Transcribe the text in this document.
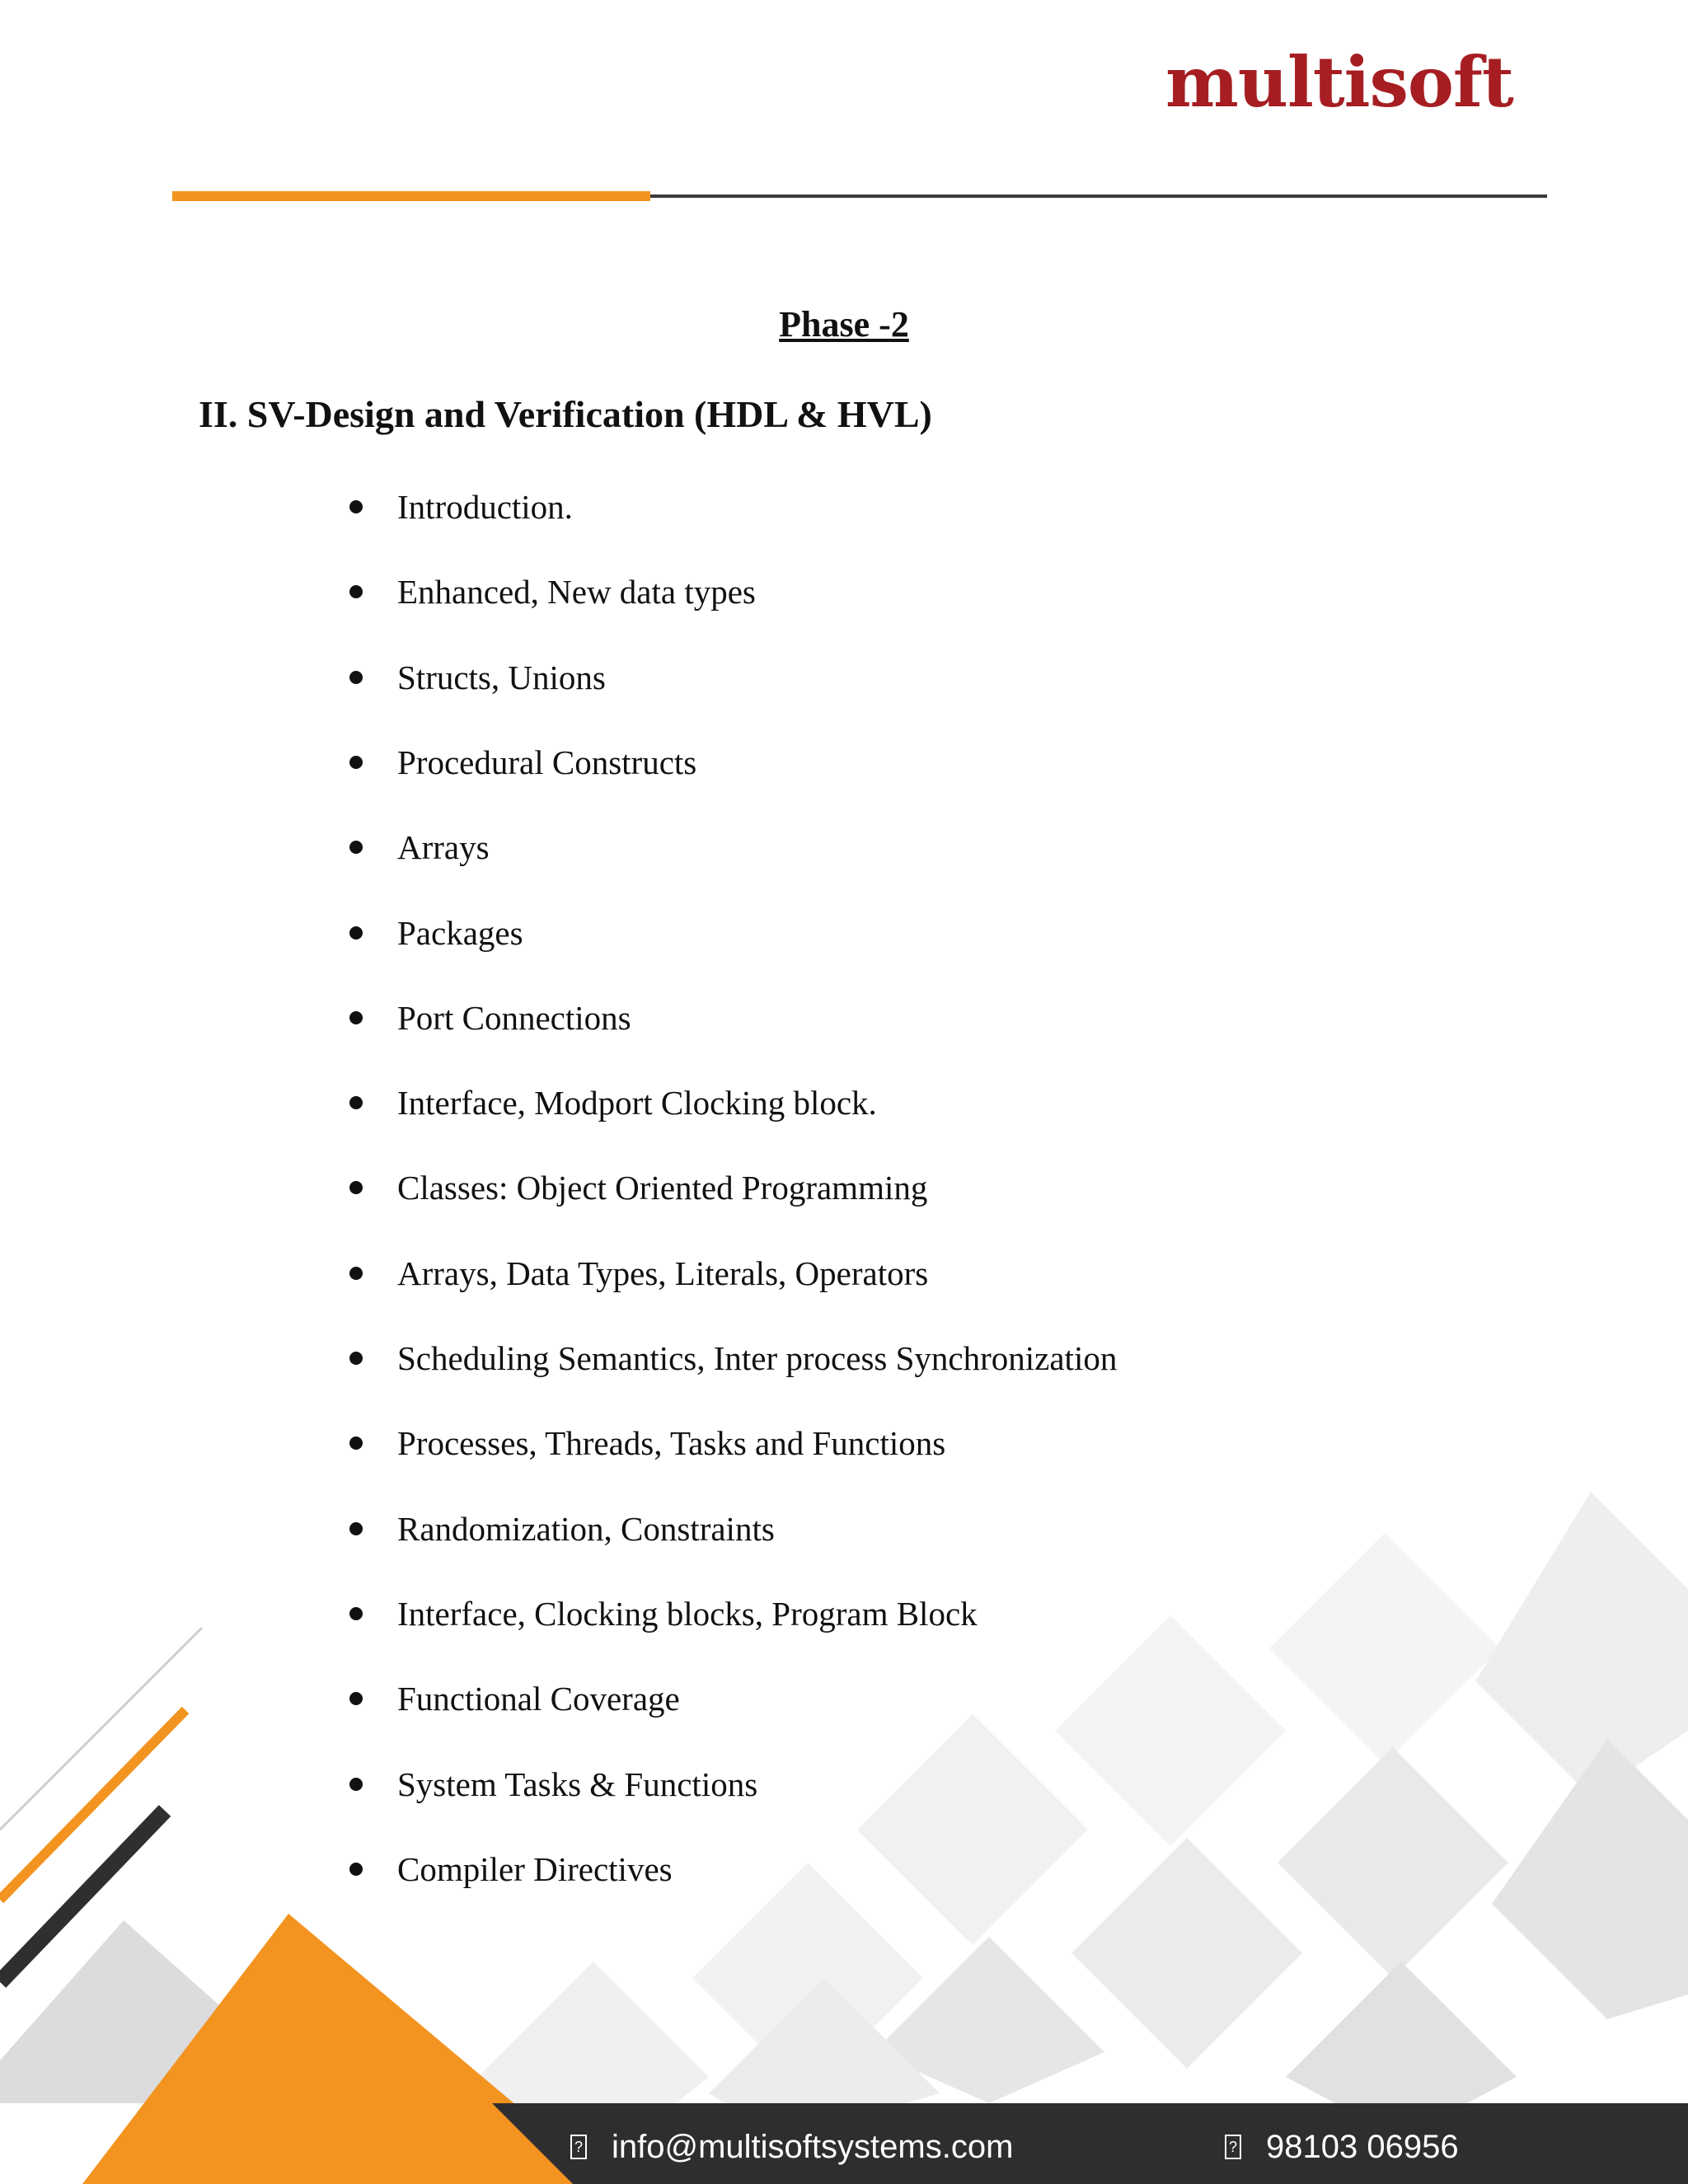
multisoft
Phase -2
II. SV-Design and Verification (HDL & HVL)
Introduction.
Enhanced, New data types
Structs, Unions
Procedural Constructs
Arrays
Packages
Port Connections
Interface, Modport Clocking block.
Classes: Object Oriented Programming
Arrays, Data Types, Literals, Operators
Scheduling Semantics, Inter process Synchronization
Processes, Threads, Tasks and Functions
Randomization, Constraints
Interface, Clocking blocks, Program Block
Functional Coverage
System Tasks & Functions
Compiler Directives
? info@multisoftsystems.com	? 98103 06956
